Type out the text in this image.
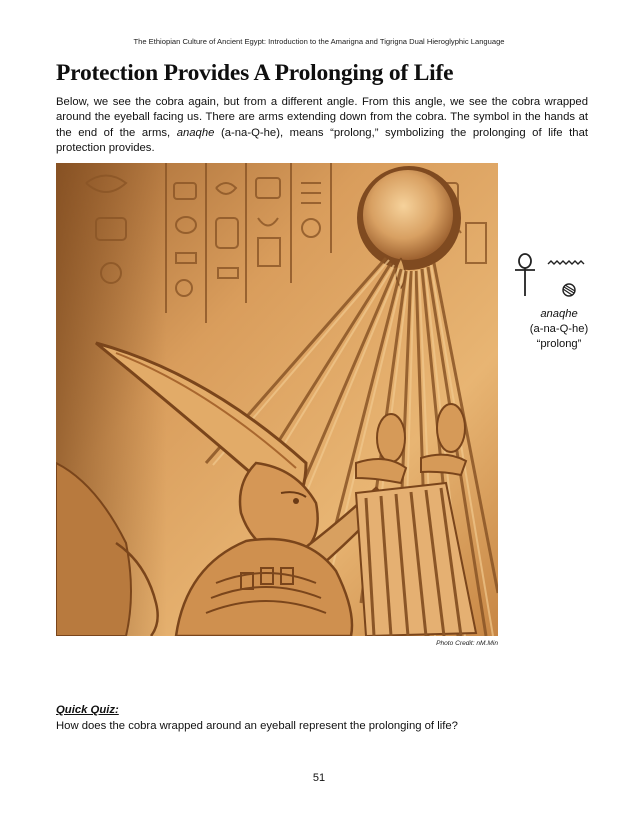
The Ethiopian Culture of Ancient Egypt: Introduction to the Amarigna and Tigrigna Dual Hieroglyphic Language
Protection Provides A Prolonging of Life

Below, we see the cobra again, but from a different angle. From this angle, we see the cobra wrapped around the eyeball facing us. There are arms extending down from the cobra. The symbol in the hands at the end of the arms, anaqhe (a-na-Q-he), means “prolong,” symbolizing the prolonging of life that protection provides.

Photo Credit: nM.Min
anaqhe
(a-na-Q-he)
“prolong”
Quick Quiz:
How does the cobra wrapped around an eyeball represent the prolonging of life?
51
